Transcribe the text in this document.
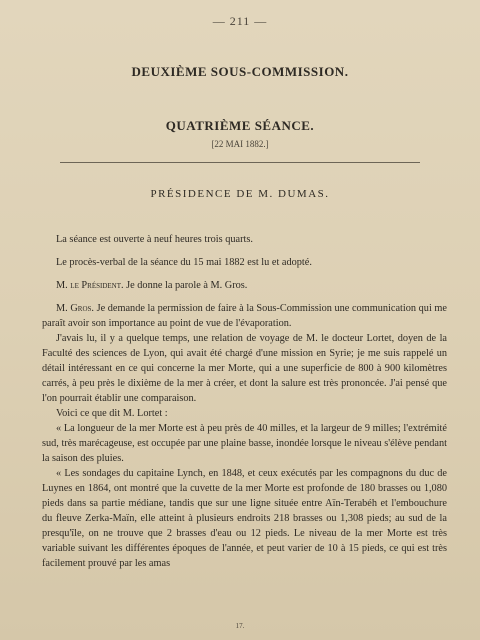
— 211 —
DEUXIÈME SOUS-COMMISSION.
QUATRIÈME SÉANCE.
[22 MAI 1882.]
PRÉSIDENCE DE M. DUMAS.

La séance est ouverte à neuf heures trois quarts.

Le procès-verbal de la séance du 15 mai 1882 est lu et adopté.

M. le Président. Je donne la parole à M. Gros.

M. Gros. Je demande la permission de faire à la Sous-Commission une communication qui me paraît avoir son importance au point de vue de l'évaporation.

J'avais lu, il y a quelque temps, une relation de voyage de M. le docteur Lortet, doyen de la Faculté des sciences de Lyon, qui avait été chargé d'une mission en Syrie; je me suis rappelé un détail intéressant en ce qui concerne la mer Morte, qui a une superficie de 800 à 900 kilomètres carrés, à peu près le dixième de la mer à créer, et dont la salure est très prononcée. J'ai pensé que l'on pourrait établir une comparaison.

Voici ce que dit M. Lortet :

« La longueur de la mer Morte est à peu près de 40 milles, et la largeur de 9 milles; l'extrémité sud, très marécageuse, est occupée par une plaine basse, inondée lorsque le niveau s'élève pendant la saison des pluies.

« Les sondages du capitaine Lynch, en 1848, et ceux exécutés par les compagnons du duc de Luynes en 1864, ont montré que la cuvette de la mer Morte est profonde de 180 brasses ou 1,080 pieds dans sa partie médiane, tandis que sur une ligne située entre Aïn-Terabéh et l'embouchure du fleuve Zerka-Maïn, elle atteint à plusieurs endroits 218 brasses ou 1,308 pieds; au sud de la presqu'île, on ne trouve que 2 brasses d'eau ou 12 pieds. Le niveau de la mer Morte est très variable suivant les différentes époques de l'année, et peut varier de 10 à 15 pieds, ce qui est très facilement prouvé par les amas

17.
